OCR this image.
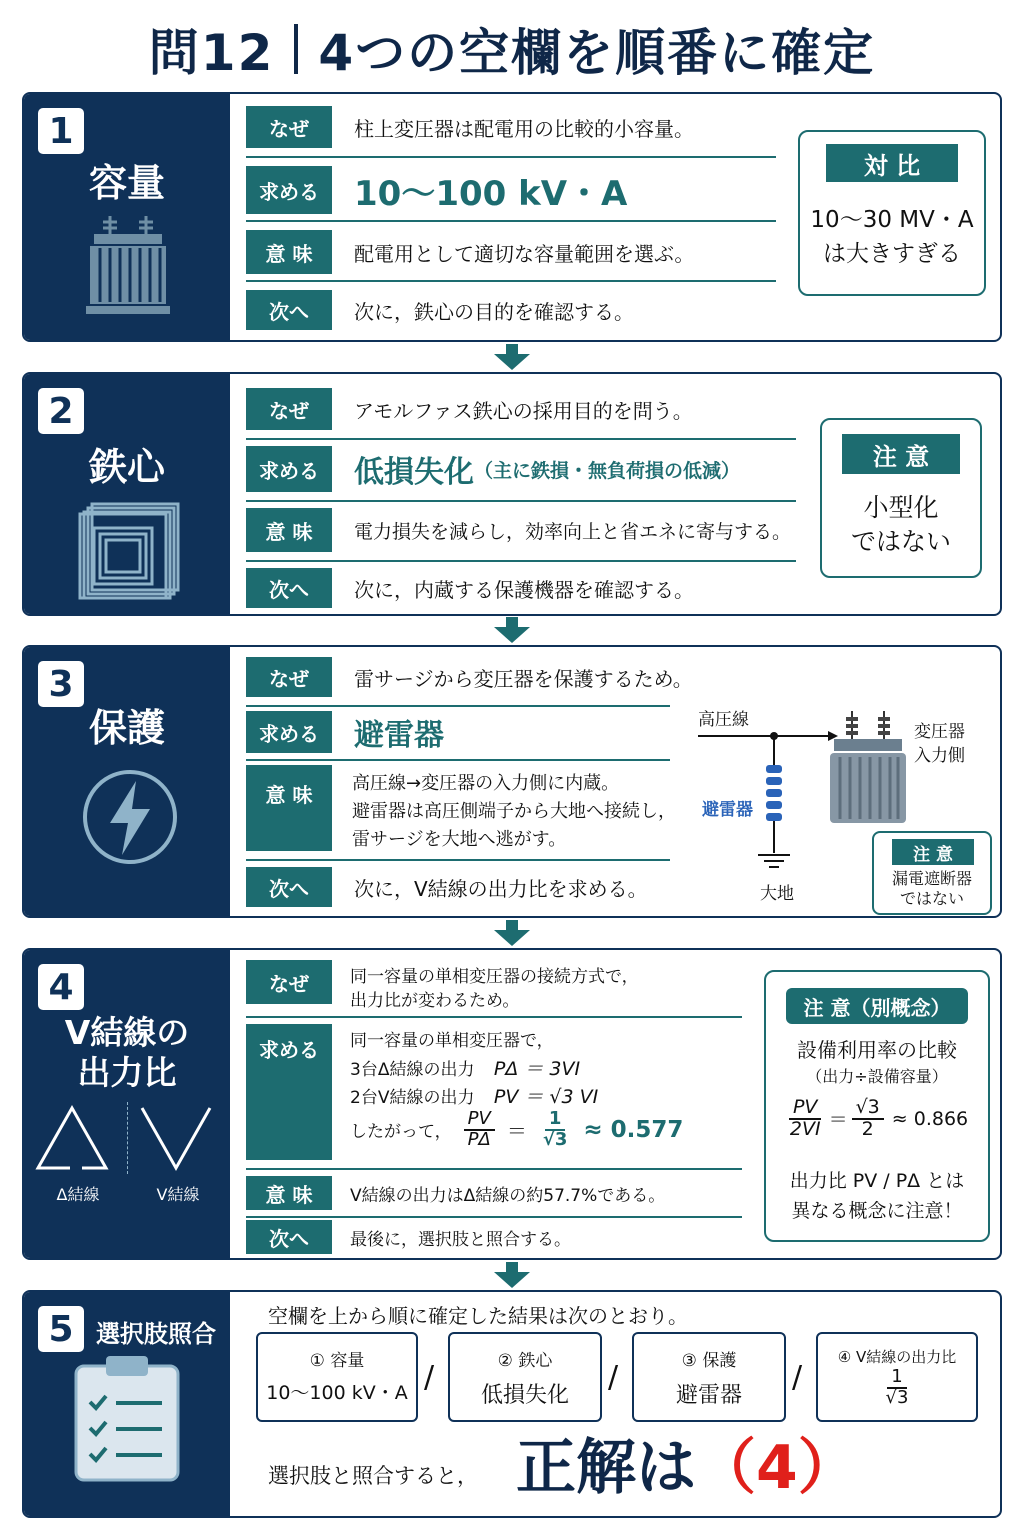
問12 4つの空欄を順番に確定
1
容量
なぜ	柱上変圧器は配電用の比較的小容量。
求める	10～100 kV・A
意 味	配電用として適切な容量範囲を選ぶ。
次へ	次に，鉄心の目的を確認する。
対 比
10～30 MV・A
は大きすぎる
2
鉄心
なぜ	アモルファス鉄心の採用目的を問う。
求める	低損失化 （主に鉄損・無負荷損の低減）
意 味	電力損失を減らし，効率向上と省エネに寄与する。
次へ	次に，内蔵する保護機器を確認する。
注 意
小型化
ではない
3
保護
なぜ	雷サージから変圧器を保護するため。
求める	避雷器
意 味	高圧線→変圧器の入力側に内蔵。
避雷器は高圧側端子から大地へ接続し，
雷サージを大地へ逃がす。
次へ	次に，V結線の出力比を求める。
高圧線
避雷器
変圧器
入力側
大地
注 意
漏電遮断器
ではない
4
V結線の
出力比
Δ結線	V結線
なぜ	同一容量の単相変圧器の接続方式で，
出力比が変わるため。
求める	同一容量の単相変圧器で，
3台Δ結線の出力 PΔ ＝ 3VI
2台V結線の出力 PV ＝ √3 VI
したがって， $\frac{PV}{P\Delta} = \frac{1}{√3} \approx 0.577$
意 味	V結線の出力はΔ結線の約57.7%である。
次へ	最後に，選択肢と照合する。
注 意（別概念）
設備利用率の比較
（出力÷設備容量）
$\frac{PV}{2VI} = \frac{√3}{2} \approx 0.866$
出力比 PV / PΔ とは
異なる概念に注意！
5 選択肢照合
空欄を上から順に確定した結果は次のとおり。
① 容量
10～100 kV・A /	② 鉄心
低損失化
/	③ 保護
避雷器
/
④ V結線の出力比
$\frac{1}{√3}$
選択肢と照合すると， 正解は（4）
